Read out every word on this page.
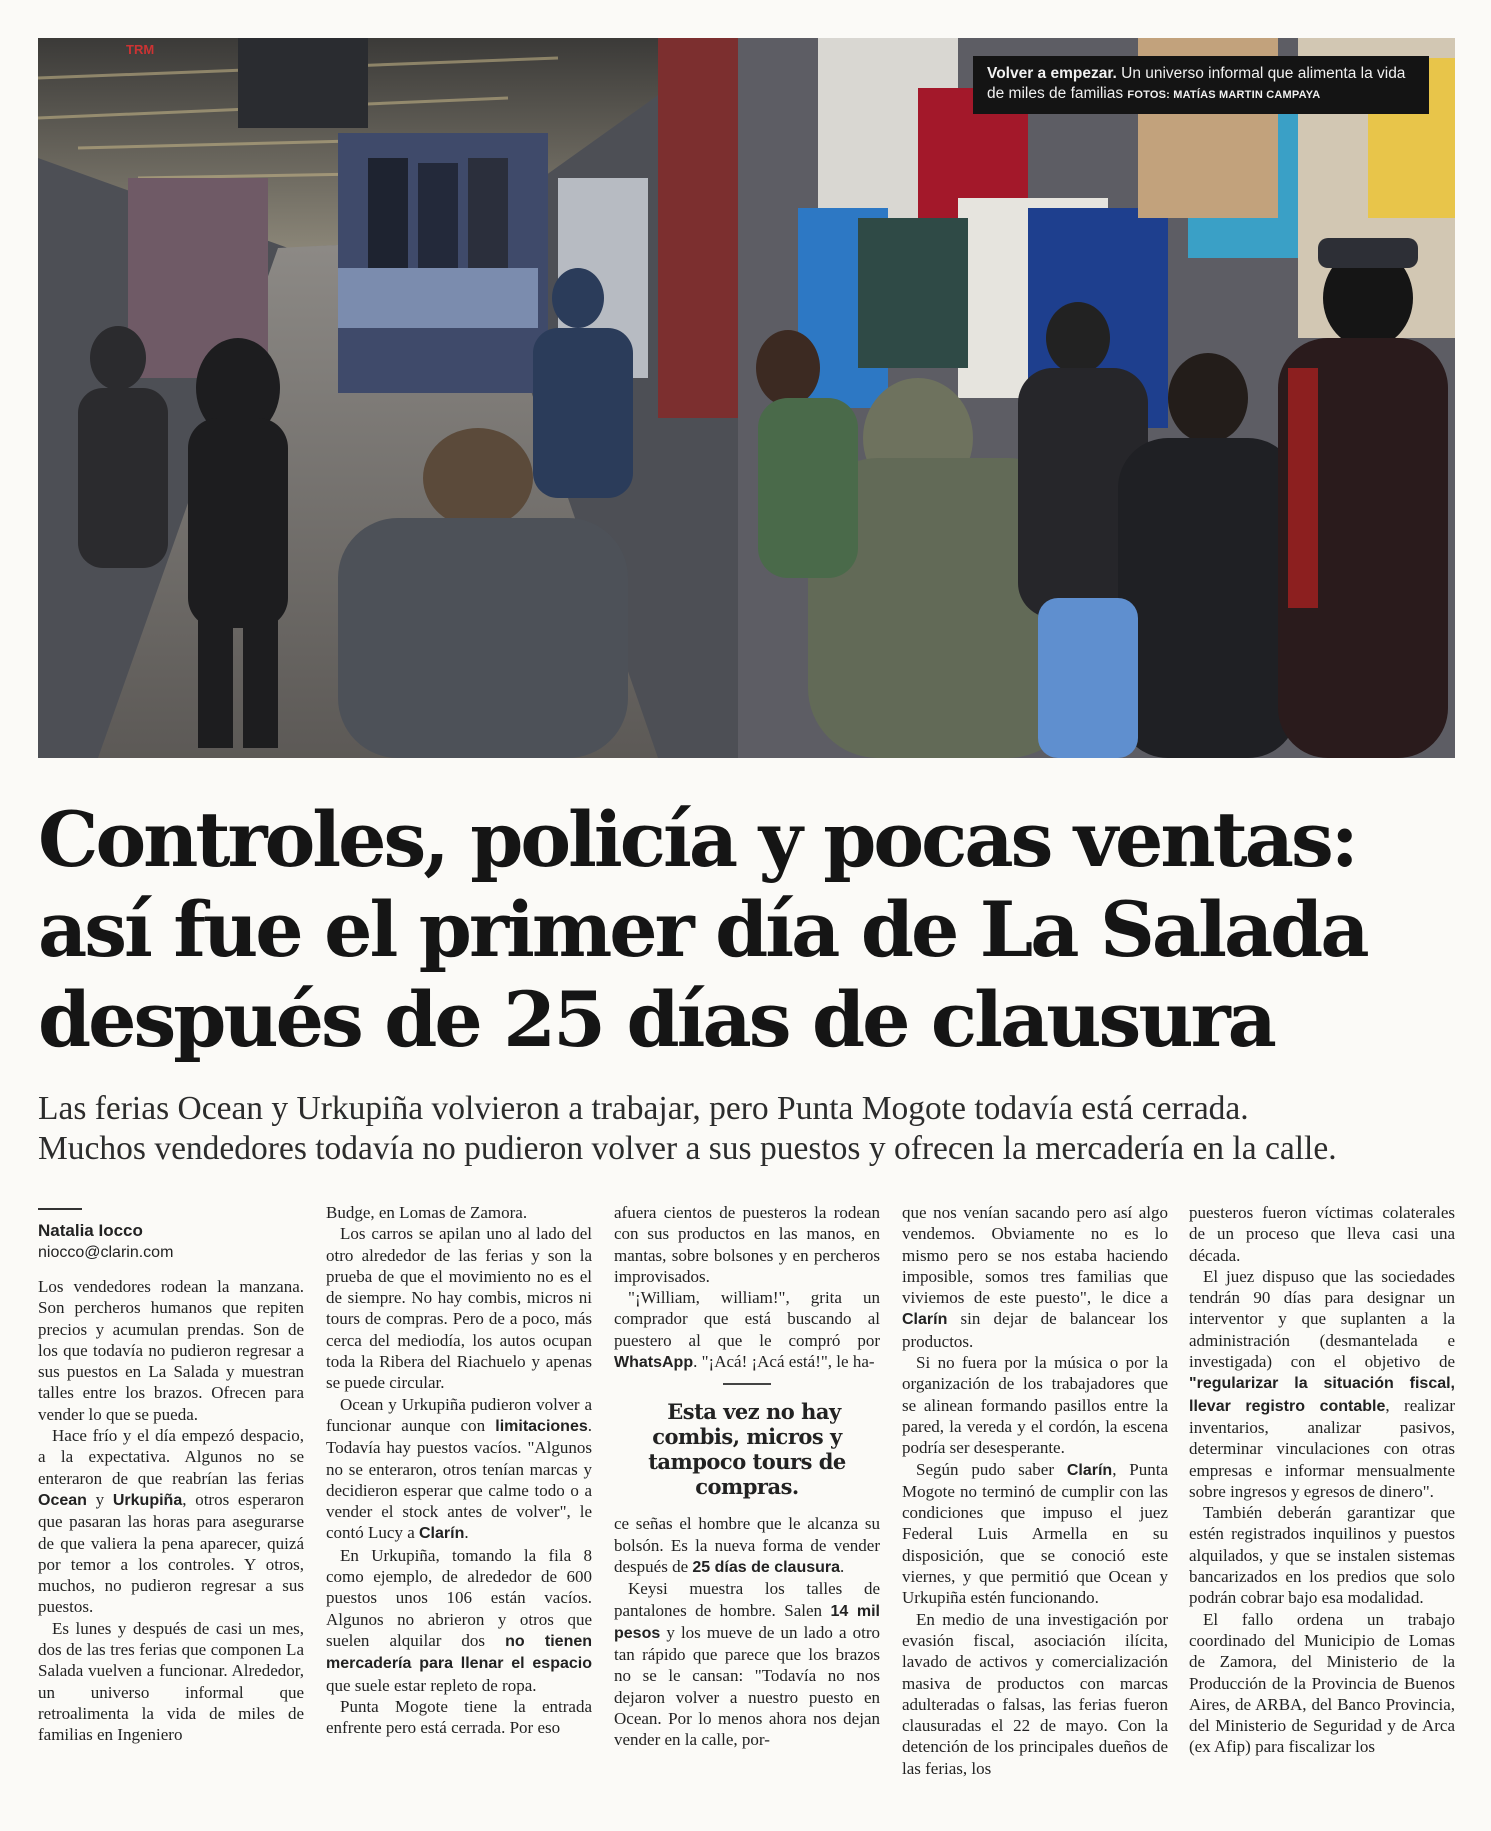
TRM
Volver a empezar. Un universo informal que alimenta la vida de miles de familias FOTOS: MATÍAS MARTIN CAMPAYA
Controles, policía y pocas ventas:
así fue el primer día de La Salada
después de 25 días de clausura

Las ferias Ocean y Urkupiña volvieron a trabajar, pero Punta Mogote todavía está cerrada.
Muchos vendedores todavía no pudieron volver a sus puestos y ofrecen la mercadería en la calle.

Natalia Iocco
niocco@clarin.com

Los vendedores rodean la manzana. Son percheros humanos que repiten precios y acumulan prendas. Son de los que todavía no pudieron regresar a sus puestos en La Salada y muestran talles entre los brazos. Ofrecen para vender lo que se pueda.

Hace frío y el día empezó despacio, a la expectativa. Algunos no se enteraron de que reabrían las ferias Ocean y Urkupiña, otros esperaron que pasaran las horas para asegurarse de que valiera la pena aparecer, quizá por temor a los controles. Y otros, muchos, no pudieron regresar a sus puestos.

Es lunes y después de casi un mes, dos de las tres ferias que componen La Salada vuelven a funcionar. Alrededor, un universo informal que retroalimenta la vida de miles de familias en Ingeniero

Budge, en Lomas de Zamora.

Los carros se apilan uno al lado del otro alrededor de las ferias y son la prueba de que el movimiento no es el de siempre. No hay combis, micros ni tours de compras. Pero de a poco, más cerca del mediodía, los autos ocupan toda la Ribera del Riachuelo y apenas se puede circular.

Ocean y Urkupiña pudieron volver a funcionar aunque con limitaciones. Todavía hay puestos vacíos. "Algunos no se enteraron, otros tenían marcas y decidieron esperar que calme todo o a vender el stock antes de volver", le contó Lucy a Clarín.

En Urkupiña, tomando la fila 8 como ejemplo, de alrededor de 600 puestos unos 106 están vacíos. Algunos no abrieron y otros que suelen alquilar dos no tienen mercadería para llenar el espacio que suele estar repleto de ropa.

Punta Mogote tiene la entrada enfrente pero está cerrada. Por eso

afuera cientos de puesteros la rodean con sus productos en las manos, en mantas, sobre bolsones y en percheros improvisados.

"¡William, william!", grita un comprador que está buscando al puestero al que le compró por WhatsApp. "¡Acá! ¡Acá está!", le ha-

Esta vez no hay combis, micros y tampoco tours de compras.

ce señas el hombre que le alcanza su bolsón. Es la nueva forma de vender después de 25 días de clausura.

Keysi muestra los talles de pantalones de hombre. Salen 14 mil pesos y los mueve de un lado a otro tan rápido que parece que los brazos no se le cansan: "Todavía no nos dejaron volver a nuestro puesto en Ocean. Por lo menos ahora nos dejan vender en la calle, por-

que nos venían sacando pero así algo vendemos. Obviamente no es lo mismo pero se nos estaba haciendo imposible, somos tres familias que viviemos de este puesto", le dice a Clarín sin dejar de balancear los productos.

Si no fuera por la música o por la organización de los trabajadores que se alinean formando pasillos entre la pared, la vereda y el cordón, la escena podría ser desesperante.

Según pudo saber Clarín, Punta Mogote no terminó de cumplir con las condiciones que impuso el juez Federal Luis Armella en su disposición, que se conoció este viernes, y que permitió que Ocean y Urkupiña estén funcionando.

En medio de una investigación por evasión fiscal, asociación ilícita, lavado de activos y comercialización masiva de productos con marcas adulteradas o falsas, las ferias fueron clausuradas el 22 de mayo. Con la detención de los principales dueños de las ferias, los

puesteros fueron víctimas colaterales de un proceso que lleva casi una década.

El juez dispuso que las sociedades tendrán 90 días para designar un interventor y que suplanten a la administración (desmantelada e investigada) con el objetivo de "regularizar la situación fiscal, llevar registro contable, realizar inventarios, analizar pasivos, determinar vinculaciones con otras empresas e informar mensualmente sobre ingresos y egresos de dinero".

También deberán garantizar que estén registrados inquilinos y puestos alquilados, y que se instalen sistemas bancarizados en los predios que solo podrán cobrar bajo esa modalidad.

El fallo ordena un trabajo coordinado del Municipio de Lomas de Zamora, del Ministerio de la Producción de la Provincia de Buenos Aires, de ARBA, del Banco Provincia, del Ministerio de Seguridad y de Arca (ex Afip) para fiscalizar los
